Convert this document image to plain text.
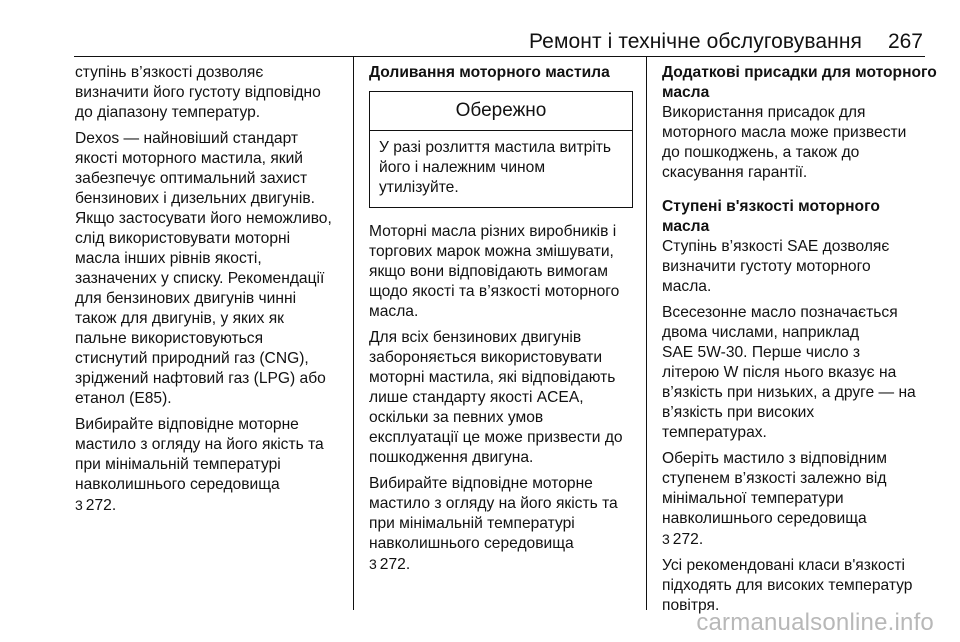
Ремонт і технічне обслуговування 267

ступінь в’язкості дозволяє
визначити його густоту відповідно
до діапазону температур.

Dexos — найновіший стандарт
якості моторного мастила, який
забезпечує оптимальний захист
бензинових і дизельних двигунів.
Якщо застосувати його неможливо,
слід використовувати моторні
масла інших рівнів якості,
зазначених у списку. Рекомендації
для бензинових двигунів чинні
також для двигунів, у яких як
пальне використовуються
стиснутий природний газ (CNG),
зріджений нафтовий газ (LPG) або
етанол (E85).

Вибирайте відповідне моторне
мастило з огляду на його якість та
при мінімальній температурі
навколишнього середовища
3 272.

Доливання моторного мастила
Обережно
У разі розлиття мастила витріть
його і належним чином
утилізуйте.

Моторні масла різних виробників і
торгових марок можна змішувати,
якщо вони відповідають вимогам
щодо якості та в’язкості моторного
масла.

Для всіх бензинових двигунів
забороняється використовувати
моторні мастила, які відповідають
лише стандарту якості ACEA,
оскільки за певних умов
експлуатації це може призвести до
пошкодження двигуна.

Вибирайте відповідне моторне
мастило з огляду на його якість та
при мінімальній температурі
навколишнього середовища
3 272.

Додаткові присадки для моторного
масла

Використання присадок для
моторного масла може призвести
до пошкоджень, а також до
скасування гарантії.

Ступені в'язкості моторного масла

Ступінь в’язкості SAE дозволяє
визначити густоту моторного
масла.

Всесезонне масло позначається
двома числами, наприклад
SAE 5W-30. Перше число з
літерою W після нього вказує на
в’язкість при низьких, а друге — на
в’язкість при високих
температурах.

Оберіть мастило з відповідним
ступенем в’язкості залежно від
мінімальної температури
навколишнього середовища
3 272.

Усі рекомендовані класи в'язкості
підходять для високих температур
повітря.

carmanualsonline.info
